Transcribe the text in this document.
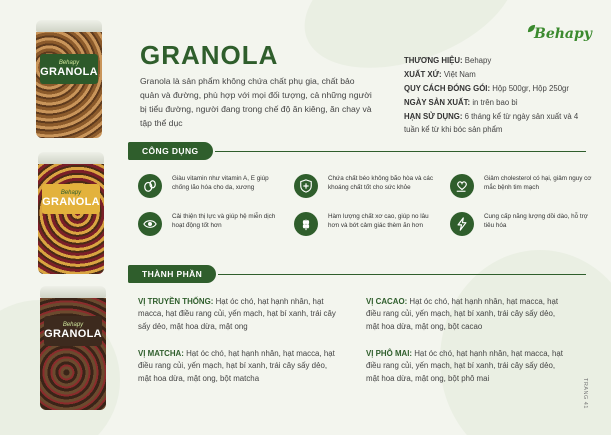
Behapy
GRANOLA
Behapy
GRANOLA
Behapy
GRANOLA
GRANOLA
Granola là sản phẩm không chứa chất phụ gia, chất bảo quản và đường, phù hợp với mọi đối tượng, cả những người bị tiểu đường, người đang trong chế độ ăn kiêng, ăn chay và tập thể dục
Behapy
THƯƠNG HIỆU: Behapy
XUẤT XỨ: Việt Nam
QUY CÁCH ĐÓNG GÓI: Hộp 500gr, Hộp 250gr
NGÀY SẢN XUẤT: in trên bao bì
HẠN SỬ DỤNG: 6 tháng kể từ ngày sản xuất và 4 tuần kể từ khi bóc sản phẩm
CÔNG DỤNG
Giàu vitamin như vitamin A, E giúp chống lão hóa cho da, xương
Chứa chất béo không bão hòa và các khoáng chất tốt cho sức khỏe
Giảm cholesterol có hại, giảm nguy cơ mắc bệnh tim mạch
Cải thiện thị lực và giúp hệ miễn dịch hoạt động tốt hơn
Hàm lượng chất xơ cao, giúp no lâu hơn và bớt cảm giác thèm ăn hơn
Cung cấp năng lượng dồi dào, hỗ trợ tiêu hóa
THÀNH PHẦN
VỊ TRUYỀN THỐNG: Hạt óc chó, hạt hạnh nhân, hạt macca, hạt điều rang củi, yến mạch, hạt bí xanh, trái cây sấy dẻo, mật hoa dừa, mật ong
VỊ CACAO: Hạt óc chó, hạt hạnh nhân, hạt macca, hạt điều rang củi, yến mạch, hạt bí xanh, trái cây sấy dẻo, mật hoa dừa, mật ong, bột cacao
VỊ MATCHA: Hạt óc chó, hạt hạnh nhân, hạt macca, hạt điều rang củi, yến mạch, hạt bí xanh, trái cây sấy dẻo, mật hoa dừa, mật ong, bột matcha
VỊ PHÔ MAI: Hạt óc chó, hạt hạnh nhân, hạt macca, hạt điều rang củi, yến mạch, hạt bí xanh, trái cây sấy dẻo, mật hoa dừa, mật ong, bột phô mai	TRANG 41
